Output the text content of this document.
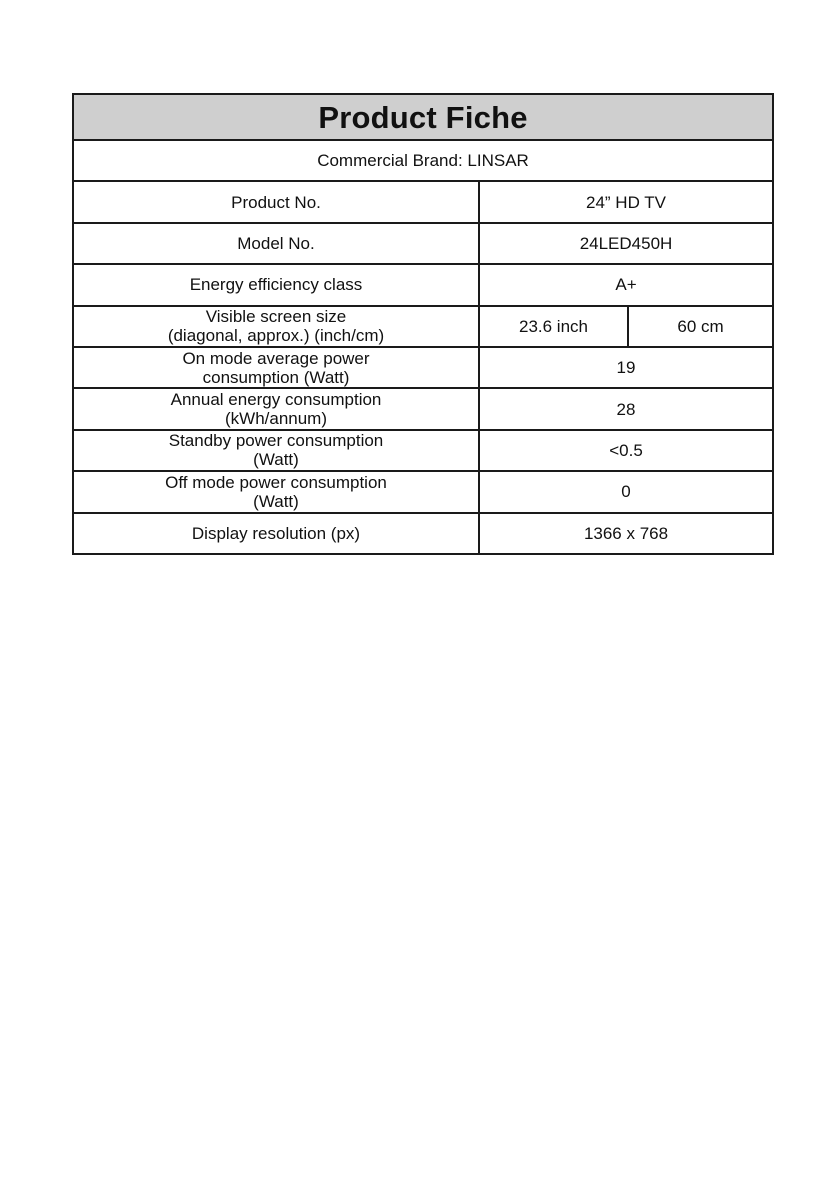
Product Fiche		
Commercial Brand: LINSAR		
Product No.	24” HD TV	
Model No.	24LED450H	
Energy efficiency class	A+	

Visible screen size
(diagonal, approx.) (inch/cm)	23.6 inch	60 cm

On mode average power
consumption (Watt)	19	

Annual energy consumption
(kWh/annum)	28	

Standby power consumption
(Watt)	<0.5	

Off mode power consumption
(Watt)	0	
Display resolution (px)	1366 x 768	
